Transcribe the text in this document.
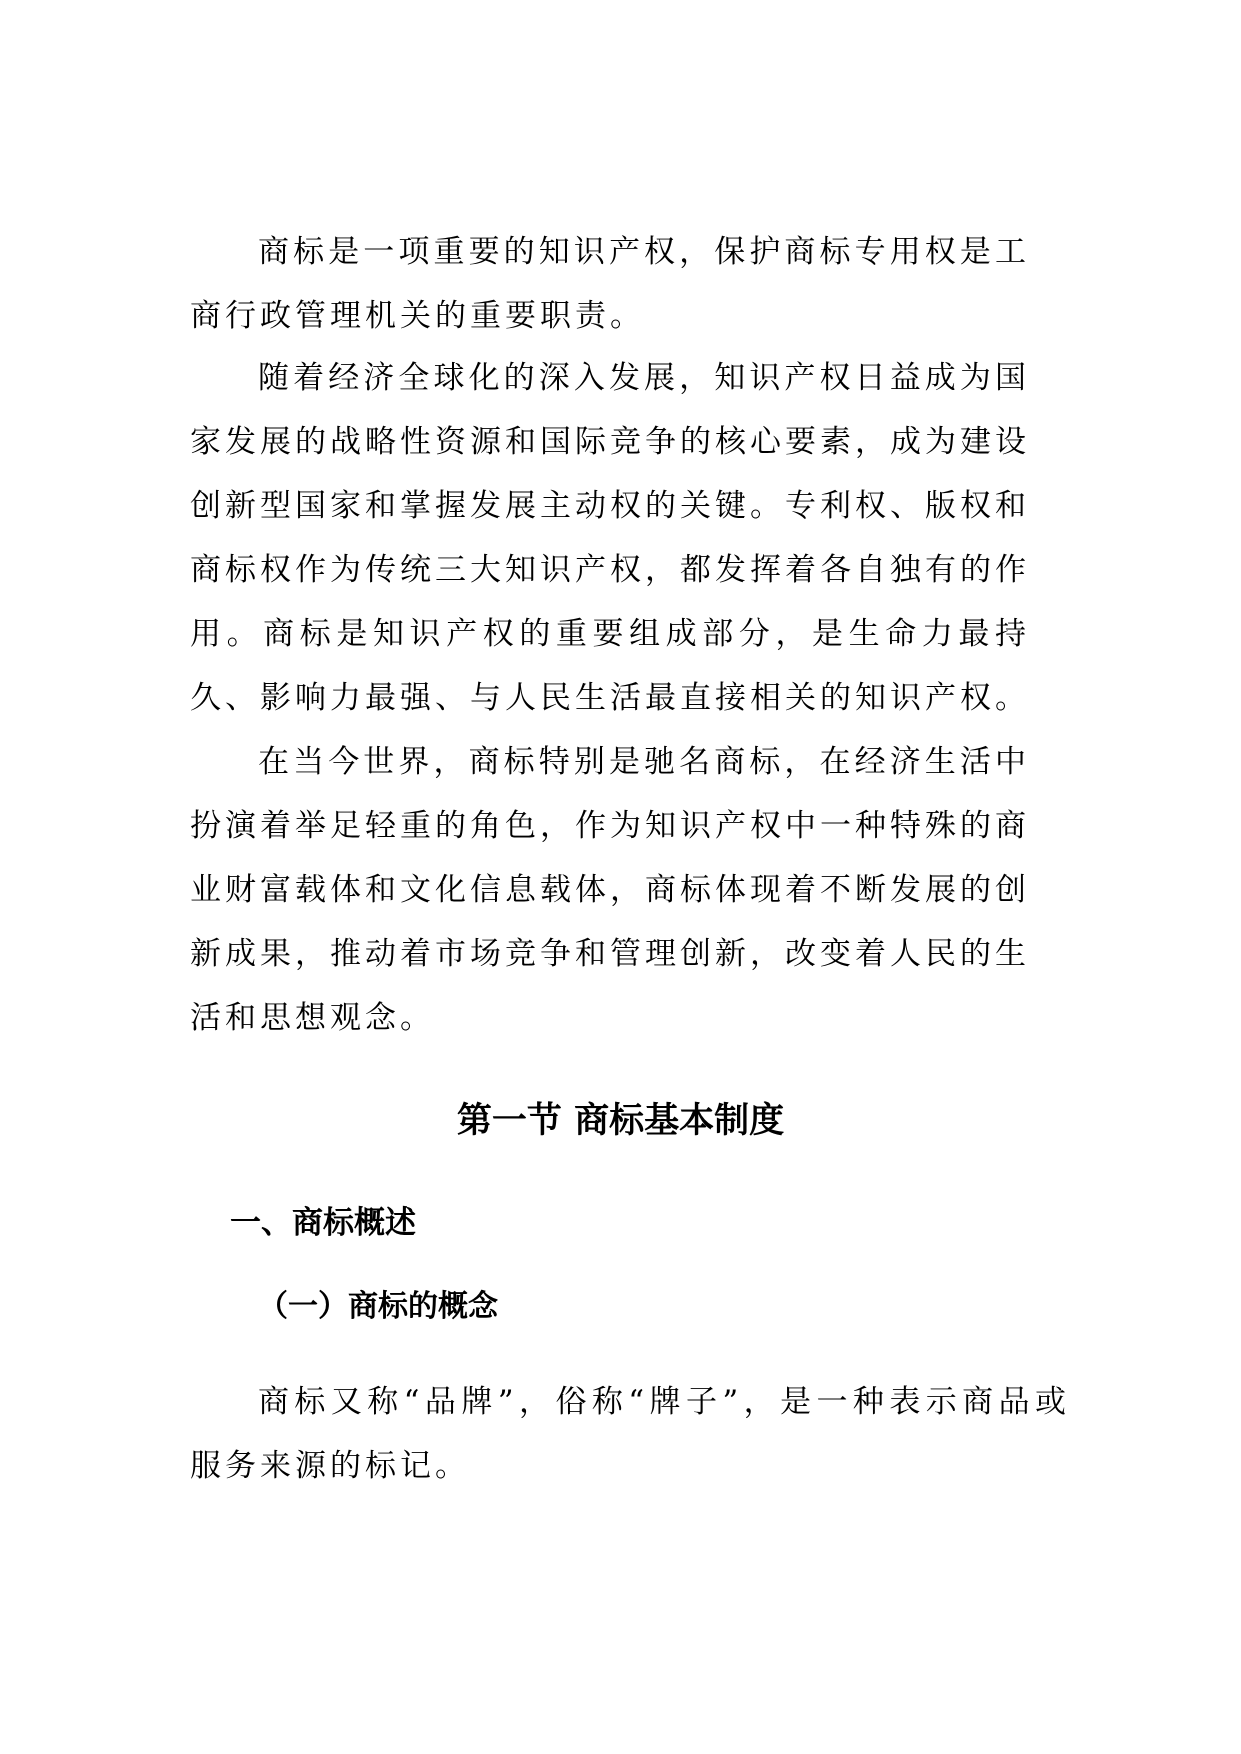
商标是一项重要的知识产权，保护商标专用权是工商行政管理机关的重要职责。

随着经济全球化的深入发展，知识产权日益成为国家发展的战略性资源和国际竞争的核心要素，成为建设创新型国家和掌握发展主动权的关键。专利权、版权和商标权作为传统三大知识产权，都发挥着各自独有的作用。商标是知识产权的重要组成部分，是生命力最持久、影响力最强、与人民生活最直接相关的知识产权。

在当今世界，商标特别是驰名商标，在经济生活中扮演着举足轻重的角色，作为知识产权中一种特殊的商业财富载体和文化信息载体，商标体现着不断发展的创新成果，推动着市场竞争和管理创新，改变着人民的生活和思想观念。

第一节 商标基本制度
一、商标概述
（一）商标的概念

商标又称“品牌”，俗称“牌子”，是一种表示商品或服务来源的标记。
